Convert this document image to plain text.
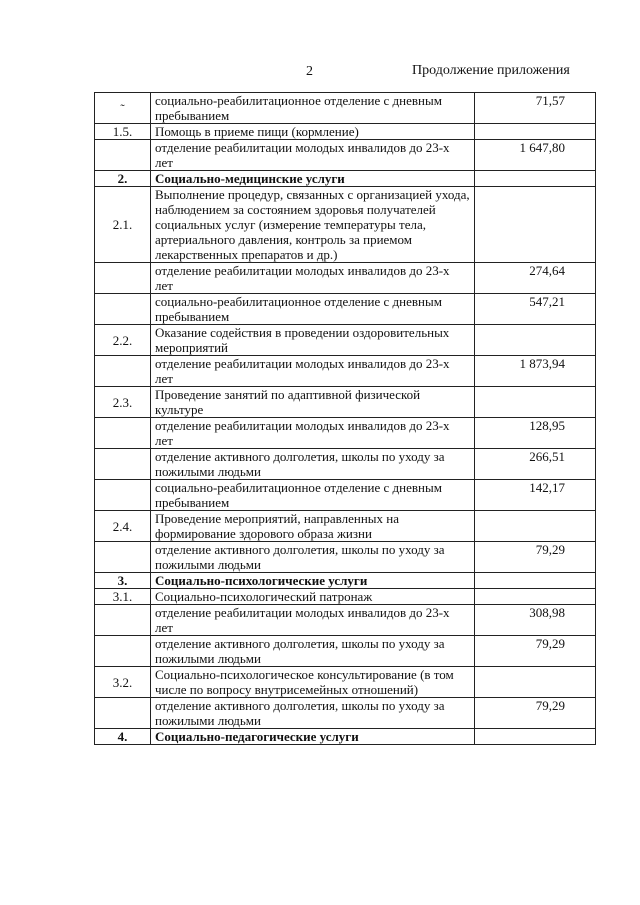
2	Продолжение приложения
˜	социально-реабилитационное отделение с дневным пребыванием	71,57
1.5.	Помощь в приеме пищи (кормление)	
	отделение реабилитации молодых инвалидов до 23-х лет	1 647,80
2.	Социально-медицинские услуги	
2.1.	Выполнение процедур, связанных с организацией ухода, наблюдением за состоянием здоровья получателей социальных услуг (измерение температуры тела, артериального давления, контроль за приемом лекарственных препаратов и др.)	
	отделение реабилитации молодых инвалидов до 23-х лет	274,64
	социально-реабилитационное отделение с дневным пребыванием	547,21
2.2.	Оказание содействия в проведении оздоровительных мероприятий	
	отделение реабилитации молодых инвалидов до 23-х лет	1 873,94
2.3.	Проведение занятий по адаптивной физической культуре	
	отделение реабилитации молодых инвалидов до 23-х лет	128,95
	отделение активного долголетия, школы по уходу за пожилыми людьми	266,51
	социально-реабилитационное отделение с дневным пребыванием	142,17
2.4.	Проведение мероприятий, направленных на формирование здорового образа жизни	
	отделение активного долголетия, школы по уходу за пожилыми людьми	79,29
3.	Социально-психологические услуги	
3.1.	Социально-психологический патронаж	
	отделение реабилитации молодых инвалидов до 23-х лет	308,98
	отделение активного долголетия, школы по уходу за пожилыми людьми	79,29
3.2.	Социально-психологическое консультирование (в том числе по вопросу внутрисемейных отношений)	
	отделение активного долголетия, школы по уходу за пожилыми людьми	79,29
4.	Социально-педагогические услуги	
